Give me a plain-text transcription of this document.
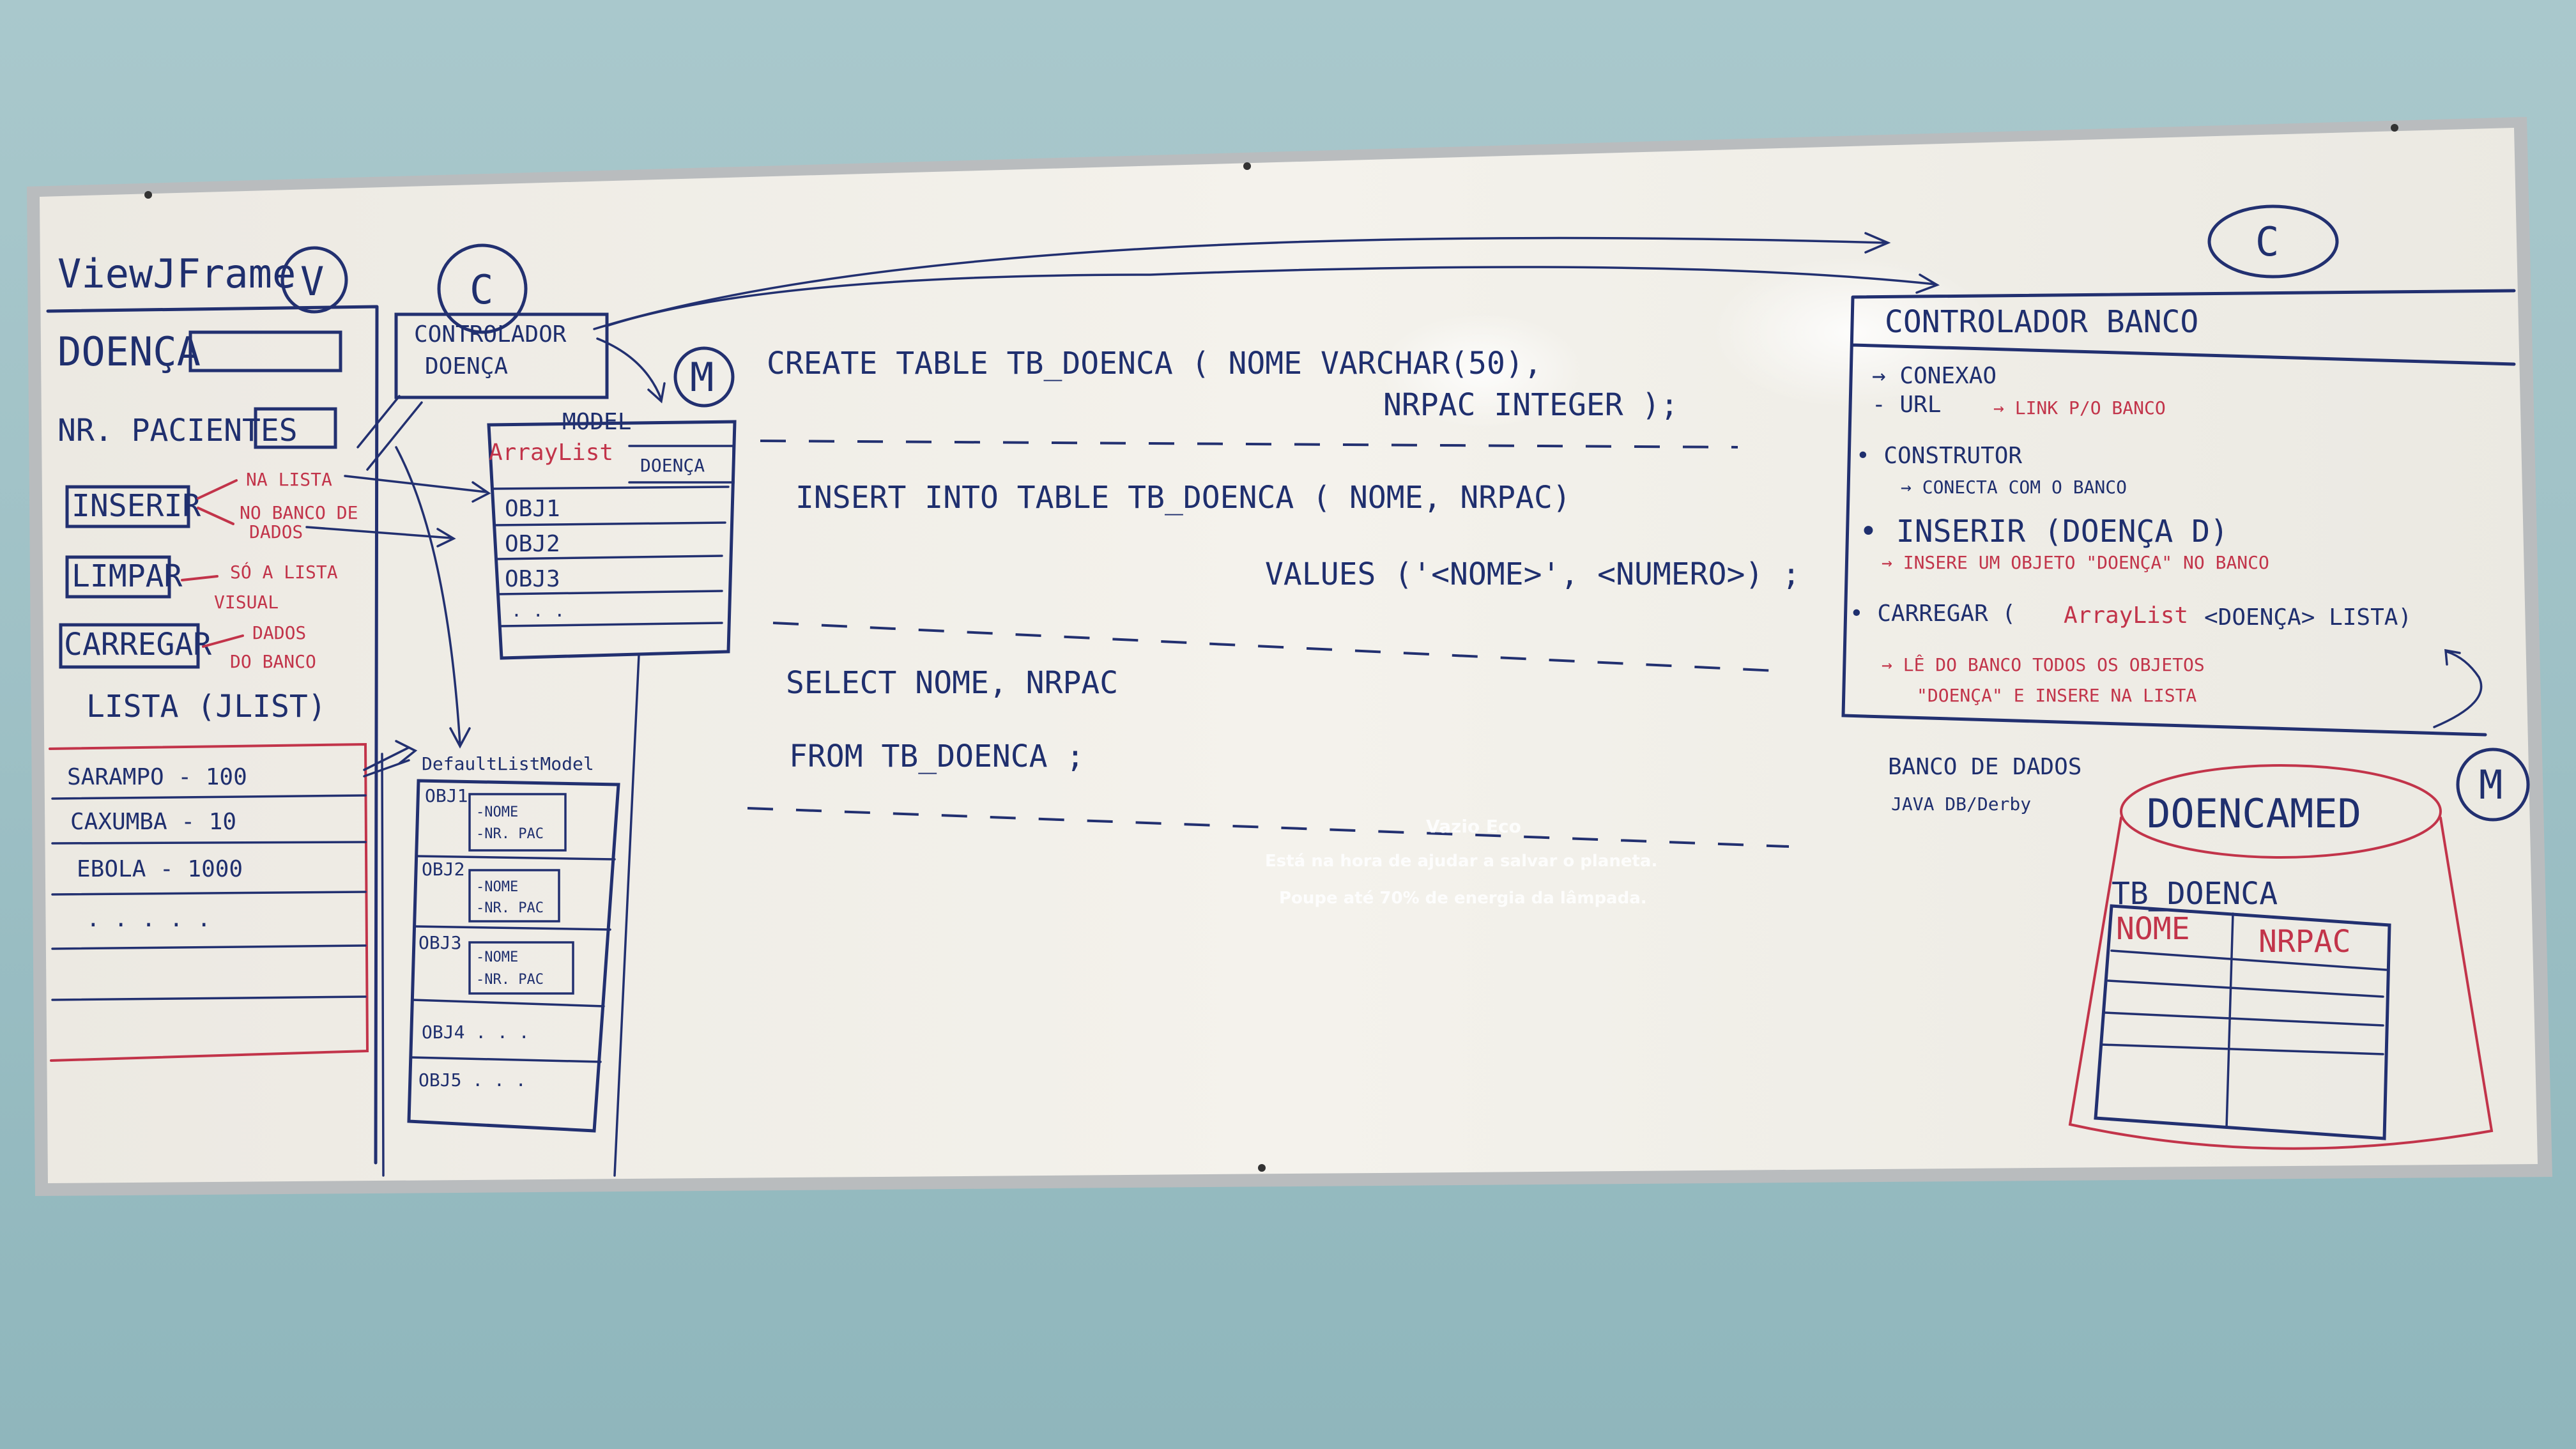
ViewJFrame V
DOENÇA
NR. PACIENTES
INSERIR
LIMPAR
CARREGAR
NA LISTA
NO BANCO DE
DADOS
SÓ A LISTA
VISUAL
DADOS
DO BANCO
LISTA (JLIST)
SARAMPO - 100
CAXUMBA - 10
EBOLA - 1000
. . . . .
C
CONTROLADOR
DOENÇA	M
MODEL
ArrayList DOENÇA
OBJ1
OBJ2
OBJ3
. . .
DefaultListModel
OBJ1
-NOME
-NR. PAC
OBJ2
-NOME
-NR. PAC
OBJ3
-NOME
-NR. PAC
OBJ4 . . .
OBJ5 . . .
CREATE TABLE TB_DOENCA ( NOME VARCHAR(50),
NRPAC INTEGER );
INSERT INTO TABLE TB_DOENCA ( NOME, NRPAC)
VALUES ('<NOME>', <NUMERO>) ;
SELECT NOME, NRPAC
FROM TB_DOENCA ;
C
CONTROLADOR BANCO
→ CONEXAO
- URL	→ LINK P/O BANCO
• CONSTRUTOR
→ CONECTA COM O BANCO
• INSERIR (DOENÇA D)
→ INSERE UM OBJETO "DOENÇA" NO BANCO
• CARREGAR ( ArrayList <DOENÇA> LISTA)
→ LÊ DO BANCO TODOS OS OBJETOS
"DOENÇA" E INSERE NA LISTA
BANCO DE DADOS
JAVA DB/Derby	M
DOENCAMED
TB_DOENCA
NOME NRPAC
Vazio Eco
Está na hora de ajudar a salvar o planeta.
Poupe até 70% de energia da lâmpada.
